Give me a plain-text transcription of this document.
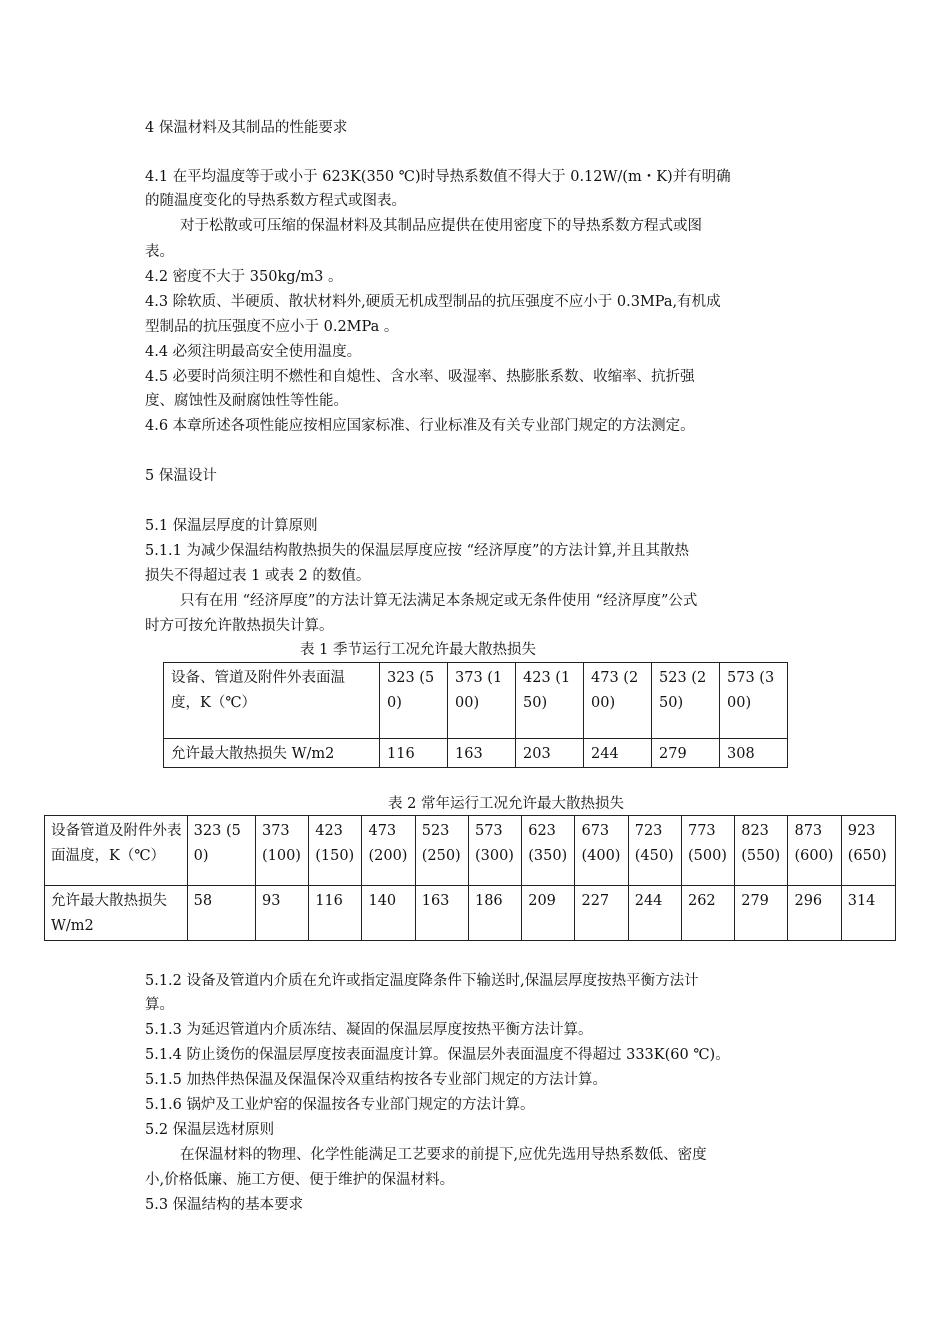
4 保温材料及其制品的性能要求
4.1 在平均温度等于或小于 623K(350 ℃)时导热系数值不得大于 0.12W/(m・K)并有明确
的随温度变化的导热系数方程式或图表。
对于松散或可压缩的保温材料及其制品应提供在使用密度下的导热系数方程式或图
表。
4.2 密度不大于 350kg/m3 。
4.3 除软质、半硬质、散状材料外,硬质无机成型制品的抗压强度不应小于 0.3MPa,有机成
型制品的抗压强度不应小于 0.2MPa 。
4.4 必须注明最高安全使用温度。
4.5 必要时尚须注明不燃性和自熄性、含水率、吸湿率、热膨胀系数、收缩率、抗折强
度、腐蚀性及耐腐蚀性等性能。
4.6 本章所述各项性能应按相应国家标准、行业标准及有关专业部门规定的方法测定。
5 保温设计
5.1 保温层厚度的计算原则
5.1.1 为减少保温结构散热损失的保温层厚度应按 “经济厚度”的方法计算,并且其散热
损失不得超过表 1 或表 2 的数值。
只有在用 “经济厚度”的方法计算无法满足本条规定或无条件使用 “经济厚度”公式
时方可按允许散热损失计算。
表 1 季节运行工况允许最大散热损失
设备、管道及附件外表面温度，K（℃）	323 (50)	373 (100)	423 (150)	473 (200)	523 (250)	573 (300)
允许最大散热损失 W/m2	116	163	203	244	279	308
表 2 常年运行工况允许最大散热损失
设备管道及附件外表面温度，K（℃）	323 (50)	373 (100)	423 (150)	473 (200)	523 (250)	573 (300)	623 (350)	673 (400)	723 (450)	773 (500)	823 (550)	873 (600)	923 (650)
允许最大散热损失 W/m2	58	93	116	140	163	186	209	227	244	262	279	296	314
5.1.2 设备及管道内介质在允许或指定温度降条件下输送时,保温层厚度按热平衡方法计
算。
5.1.3 为延迟管道内介质冻结、凝固的保温层厚度按热平衡方法计算。
5.1.4 防止烫伤的保温层厚度按表面温度计算。保温层外表面温度不得超过 333K(60 ℃)。
5.1.5 加热伴热保温及保温保冷双重结构按各专业部门规定的方法计算。
5.1.6 锅炉及工业炉窑的保温按各专业部门规定的方法计算。
5.2 保温层选材原则
在保温材料的物理、化学性能满足工艺要求的前提下,应优先选用导热系数低、密度
小,价格低廉、施工方便、便于维护的保温材料。
5.3 保温结构的基本要求
